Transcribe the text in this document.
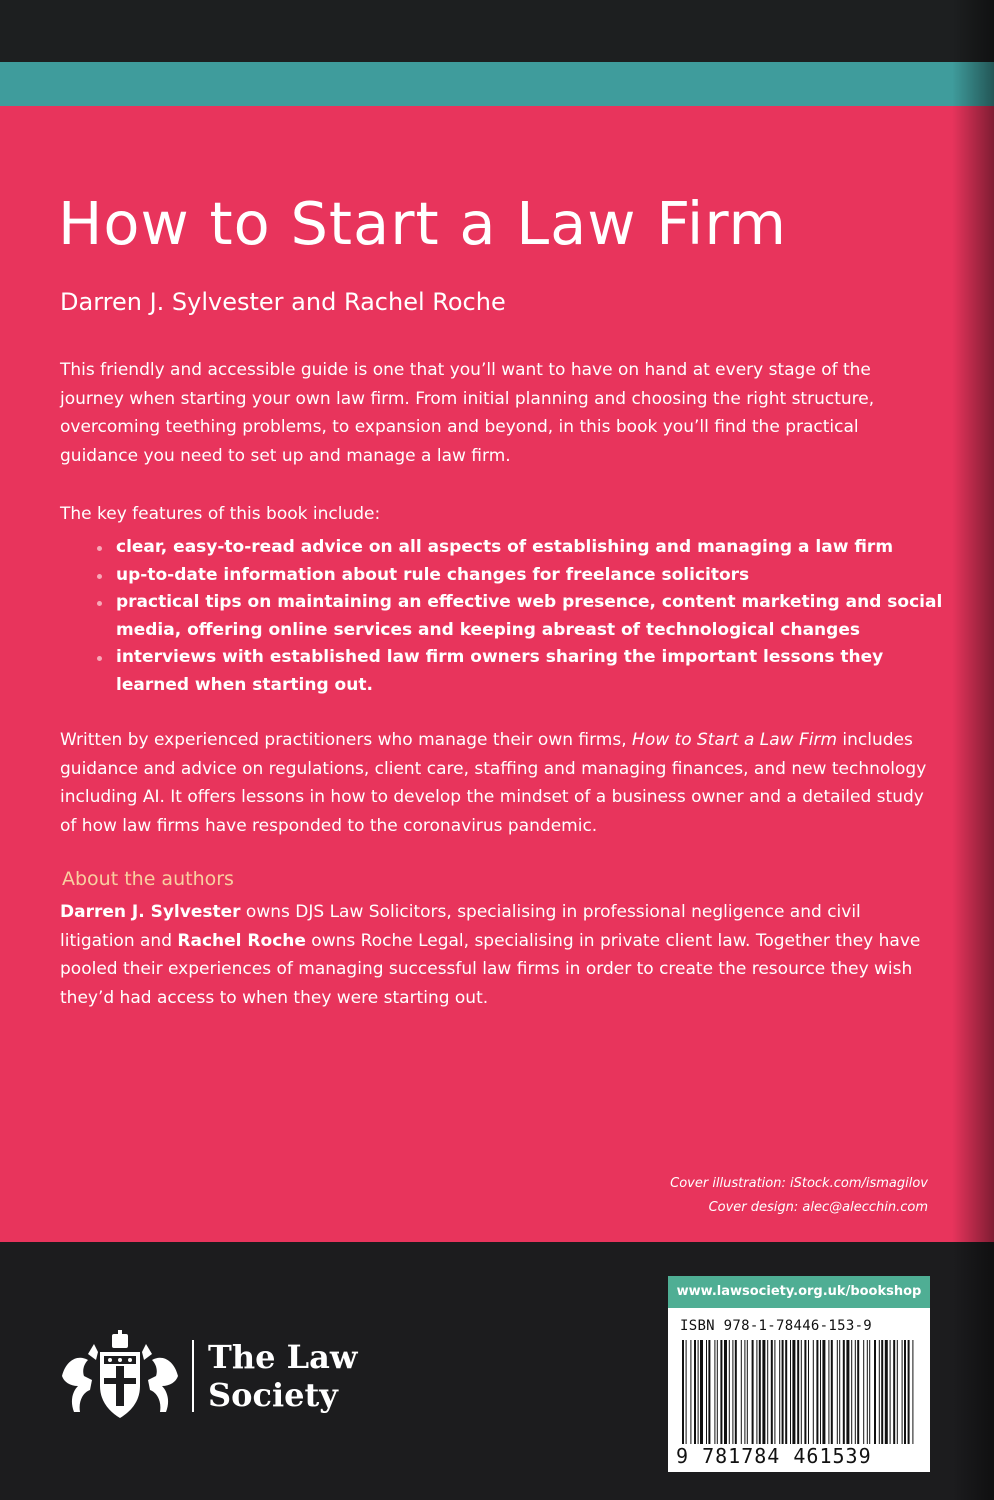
How to Start a Law Firm

Darren J. Sylvester and Rachel Roche

This friendly and accessible guide is one that you’ll want to have on hand at every stage of the journey when starting your own law firm. From initial planning and choosing the right structure, overcoming teething problems, to expansion and beyond, in this book you’ll find the practical guidance you need to set up and manage a law firm.

The key features of this book include:

clear, easy-to-read advice on all aspects of establishing and managing a law firm
up-to-date information about rule changes for freelance solicitors
practical tips on maintaining an effective web presence, content marketing and social media, offering online services and keeping abreast of technological changes
interviews with established law firm owners sharing the important lessons they learned when starting out.

Written by experienced practitioners who manage their own firms, How to Start a Law Firm includes guidance and advice on regulations, client care, staffing and managing finances, and new technology including AI. It offers lessons in how to develop the mindset of a business owner and a detailed study of how law firms have responded to the coronavirus pandemic.

About the authors

Darren J. Sylvester owns DJS Law Solicitors, specialising in professional negligence and civil litigation and Rachel Roche owns Roche Legal, specialising in private client law. Together they have pooled their experiences of managing successful law firms in order to create the resource they wish they’d had access to when they were starting out.

Cover illustration: iStock.com/ismagilov
Cover design: alec@alecchin.com
The Law
Society
www.lawsociety.org.uk/bookshop
ISBN 978-1-78446-153-9
9 781784 461539
